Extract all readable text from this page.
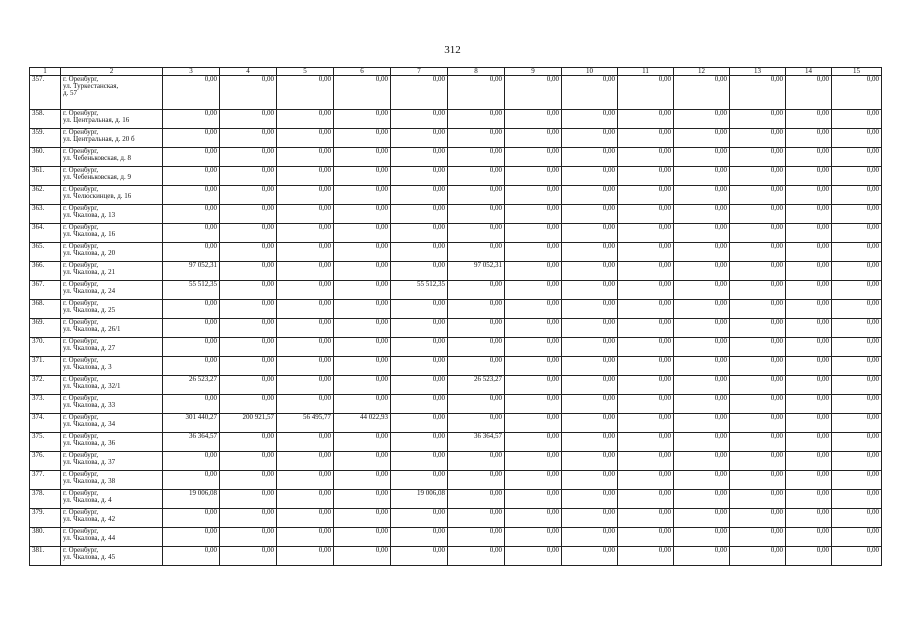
312
1	2	3	4	5	6	7	8	9	10	11	12	13	14	15
357.	г. Оренбург,
ул. Туркестанская,
д. 57	0,00	0,00	0,00	0,00	0,00	0,00	0,00	0,00	0,00	0,00	0,00	0,00	0,00
358.	г. Оренбург,
ул. Центральная, д. 16	0,00	0,00	0,00	0,00	0,00	0,00	0,00	0,00	0,00	0,00	0,00	0,00	0,00
359.	г. Оренбург,
ул. Центральная, д. 20 б	0,00	0,00	0,00	0,00	0,00	0,00	0,00	0,00	0,00	0,00	0,00	0,00	0,00
360.	г. Оренбург,
ул. Чебеньковская, д. 8	0,00	0,00	0,00	0,00	0,00	0,00	0,00	0,00	0,00	0,00	0,00	0,00	0,00
361.	г. Оренбург,
ул. Чебеньковская, д. 9	0,00	0,00	0,00	0,00	0,00	0,00	0,00	0,00	0,00	0,00	0,00	0,00	0,00
362.	г. Оренбург,
ул. Челюскинцев, д. 16	0,00	0,00	0,00	0,00	0,00	0,00	0,00	0,00	0,00	0,00	0,00	0,00	0,00
363.	г. Оренбург,
ул. Чкалова, д. 13	0,00	0,00	0,00	0,00	0,00	0,00	0,00	0,00	0,00	0,00	0,00	0,00	0,00
364.	г. Оренбург,
ул. Чкалова, д. 16	0,00	0,00	0,00	0,00	0,00	0,00	0,00	0,00	0,00	0,00	0,00	0,00	0,00
365.	г. Оренбург,
ул. Чкалова, д. 20	0,00	0,00	0,00	0,00	0,00	0,00	0,00	0,00	0,00	0,00	0,00	0,00	0,00
366.	г. Оренбург,
ул. Чкалова, д. 21	97 052,31	0,00	0,00	0,00	0,00	97 052,31	0,00	0,00	0,00	0,00	0,00	0,00	0,00
367.	г. Оренбург,
ул. Чкалова, д. 24	55 512,35	0,00	0,00	0,00	55 512,35	0,00	0,00	0,00	0,00	0,00	0,00	0,00	0,00
368.	г. Оренбург,
ул. Чкалова, д. 25	0,00	0,00	0,00	0,00	0,00	0,00	0,00	0,00	0,00	0,00	0,00	0,00	0,00
369.	г. Оренбург,
ул. Чкалова, д. 26/1	0,00	0,00	0,00	0,00	0,00	0,00	0,00	0,00	0,00	0,00	0,00	0,00	0,00
370.	г. Оренбург,
ул. Чкалова, д. 27	0,00	0,00	0,00	0,00	0,00	0,00	0,00	0,00	0,00	0,00	0,00	0,00	0,00
371.	г. Оренбург,
ул. Чкалова, д. 3	0,00	0,00	0,00	0,00	0,00	0,00	0,00	0,00	0,00	0,00	0,00	0,00	0,00
372.	г. Оренбург,
ул. Чкалова, д. 32/1	26 523,27	0,00	0,00	0,00	0,00	26 523,27	0,00	0,00	0,00	0,00	0,00	0,00	0,00
373.	г. Оренбург,
ул. Чкалова, д. 33	0,00	0,00	0,00	0,00	0,00	0,00	0,00	0,00	0,00	0,00	0,00	0,00	0,00
374.	г. Оренбург,
ул. Чкалова, д. 34	301 440,27	200 921,57	56 495,77	44 022,93	0,00	0,00	0,00	0,00	0,00	0,00	0,00	0,00	0,00
375.	г. Оренбург,
ул. Чкалова, д. 36	36 364,57	0,00	0,00	0,00	0,00	36 364,57	0,00	0,00	0,00	0,00	0,00	0,00	0,00
376.	г. Оренбург,
ул. Чкалова, д. 37	0,00	0,00	0,00	0,00	0,00	0,00	0,00	0,00	0,00	0,00	0,00	0,00	0,00
377.	г. Оренбург,
ул. Чкалова, д. 38	0,00	0,00	0,00	0,00	0,00	0,00	0,00	0,00	0,00	0,00	0,00	0,00	0,00
378.	г. Оренбург,
ул. Чкалова, д. 4	19 006,08	0,00	0,00	0,00	19 006,08	0,00	0,00	0,00	0,00	0,00	0,00	0,00	0,00
379.	г. Оренбург,
ул. Чкалова, д. 42	0,00	0,00	0,00	0,00	0,00	0,00	0,00	0,00	0,00	0,00	0,00	0,00	0,00
380.	г. Оренбург,
ул. Чкалова, д. 44	0,00	0,00	0,00	0,00	0,00	0,00	0,00	0,00	0,00	0,00	0,00	0,00	0,00
381.	г. Оренбург,
ул. Чкалова, д. 45	0,00	0,00	0,00	0,00	0,00	0,00	0,00	0,00	0,00	0,00	0,00	0,00	0,00
